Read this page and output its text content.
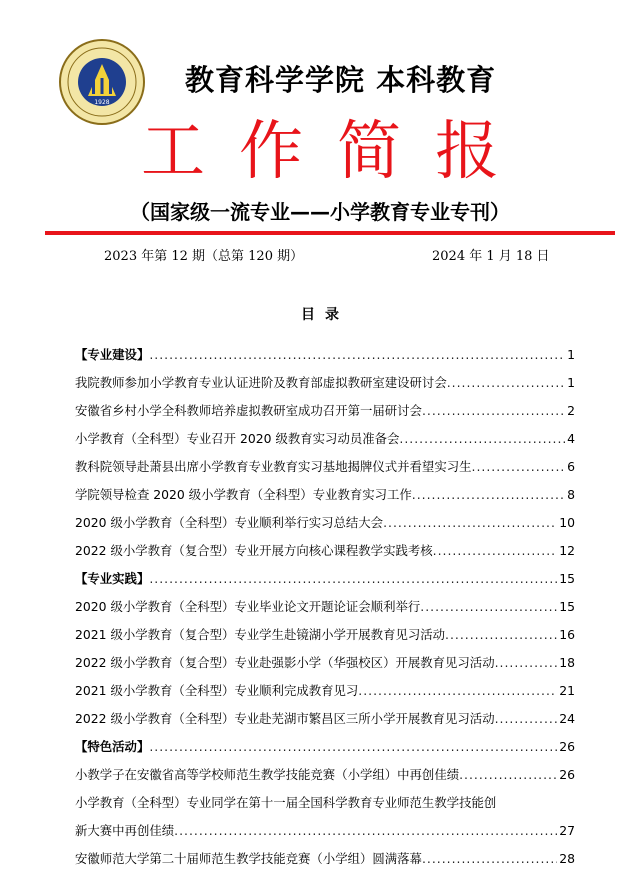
1928
教育科学学院 本科教育
工作简报
（国家级一流专业——小学教育专业专刊）
2023 年第 12 期（总第 120 期）	2024 年 1 月 18 日
目录
【专业建设】 .....	1
我院教师参加小学教育专业认证进阶及教育部虚拟教研室建设研讨会 .....	1
安徽省乡村小学全科教师培养虚拟教研室成功召开第一届研讨会 .....	2
小学教育（全科型）专业召开 2020 级教育实习动员准备会 .....	4
教科院领导赴萧县出席小学教育专业教育实习基地揭牌仪式并看望实习生 .....	6
学院领导检查 2020 级小学教育（全科型）专业教育实习工作 .....	8
2020 级小学教育（全科型）专业顺利举行实习总结大会 .....	10
2022 级小学教育（复合型）专业开展方向核心课程教学实践考核 .....	12
【专业实践】 .....	15
2020 级小学教育（全科型）专业毕业论文开题论证会顺利举行 .....	15
2021 级小学教育（复合型）专业学生赴镜湖小学开展教育见习活动 .....	16
2022 级小学教育（复合型）专业赴强影小学（华强校区）开展教育见习活动 .....	18
2021 级小学教育（全科型）专业顺利完成教育见习 .....	21
2022 级小学教育（全科型）专业赴芜湖市繁昌区三所小学开展教育见习活动 .....	24
【特色活动】 .....	26
小教学子在安徽省高等学校师范生教学技能竞赛（小学组）中再创佳绩 .....	26
小学教育（全科型）专业同学在第十一届全国科学教育专业师范生教学技能创
新大赛中再创佳绩 .....	27
安徽师范大学第二十届师范生教学技能竞赛（小学组）圆满落幕 .....	28
